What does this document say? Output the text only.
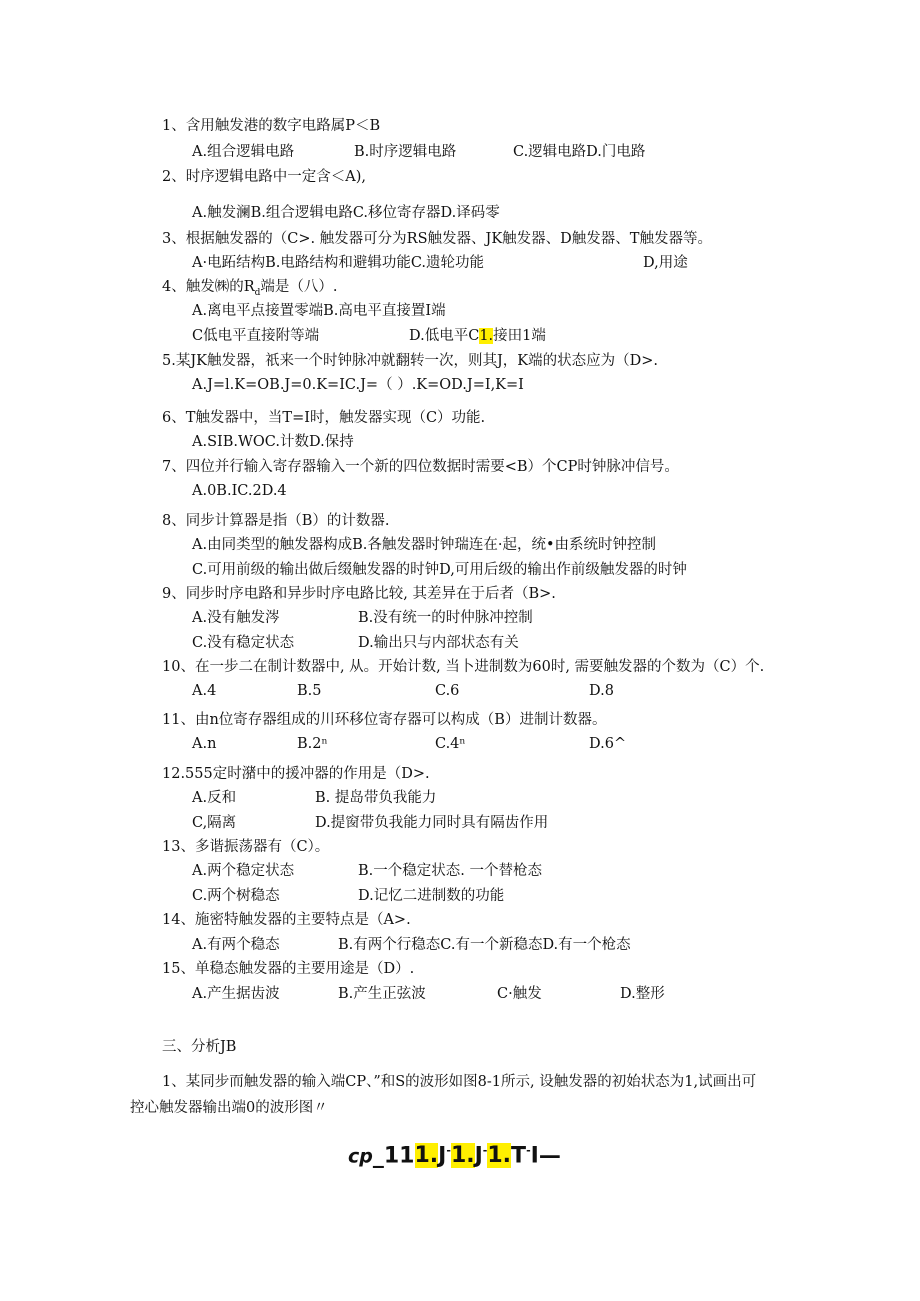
1、含用触发港的数字电路属P＜B
A.组合逻辑电路	B.时序逻辑电路	C.逻辑电路D.门电路
2、时序逻辑电路中一定含＜A),
A.触发澜B.组合逻辑电路C.移位寄存器D.译码零
3、根据触发器的（C>. 触发器可分为RS触发器、JK触发器、D触发器、T触发器等。
A·电跖结构B.电路结构和避辑功能C.遗轮功能	D,用途
4、触发㈱的$R_d$端是（八）.
A.离电平点接置零端B.高电平直接置I端
C低电平直接附等端	D.低电平C1.接田1端
5.某JK触发器，祇来一个时钟脉冲就翻转一次，则其J，K端的状态应为（D>.
A.J=l.K=OB.J=0.K=IC.J=（ ）.K=OD.J=I,K=I
6、T触发器中，当T=I时，触发器实现（C）功能.
A.SIB.WOC.计数D.保持
7、四位并行输入寄存器输入一个新的四位数据时需要<B）个CP时钟脉冲信号。
A.0B.IC.2D.4
8、同步计算器是指（B）的计数器.
A.由同类型的触发器构成B.各触发器时钟瑞连在·起，统•由系统时钟控制
C.可用前级的输出做后缀触发器的时钟D,可用后级的输出作前级触发器的时钟
9、同步时序电路和异步时序电路比较, 其差异在于后者（B>.
A.没有触发涔	B.没有统一的时仲脉冲控制
C.没有稳定状态	D.输出只与内部状态有关
10、在一步二在制计数器中, 从。开始计数, 当卜进制数为60时, 需要触发器的个数为（C）个.
A.4	B.5	C.6	D.8
11、由n位寄存器组成的川环移位寄存器可以构成（B）进制计数器。
A.n	B.2ⁿ	C.4ⁿ	D.6^
12.555定时潴中的援冲器的作用是（D>.
A.反和	B. 提岛带负我能力
C,隔离	D.提窗带负我能力同时具有隔齿作用
13、多谐振荡器有（C）。
A.两个稳定状态	B.一个稳定状态. 一个替枪态
C.两个树稳态	D.记忆二进制数的功能
14、施密特触发器的主要特点是（A>.
A.有两个稳态	B.有两个行稳态C.有一个新稳态D.有一个枪态
15、单稳态触发器的主要用途是（D）.
A.产生据齿波	B.产生正弦波	C·触发	D.整形
三、分析JB
1、某同步而触发器的输入端CP、”和S的波形如图8-1所示, 设触发器的初始状态为1,试画出可
控心触发器输出端0的波形图〃
cp_111.J-1.J-1.T-I—
